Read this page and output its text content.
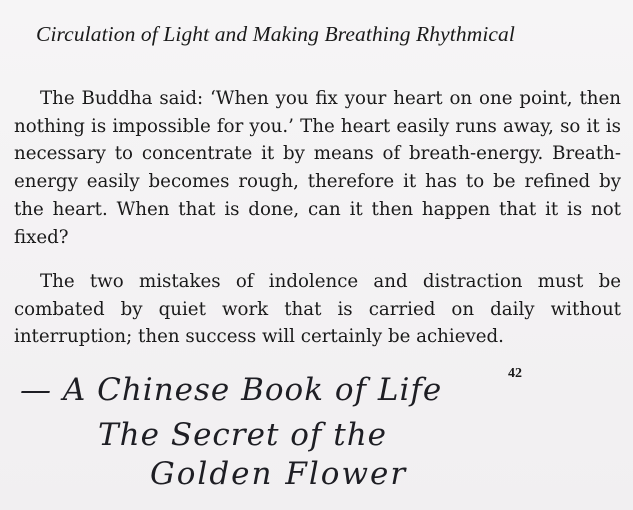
Circulation of Light and Making Breathing Rhythmical

The Buddha said: ‘When you fix your heart on one point, then nothing is impossible for you.’ The heart easily runs away, so it is necessary to concentrate it by means of breath-energy. Breath-energy easily becomes rough, therefore it has to be refined by the heart. When that is done, can it then happen that it is not fixed?

The two mistakes of indolence and distraction must be combated by quiet work that is carried on daily without interruption; then success will certainly be achieved.

42
— A Chinese Book of Life
The Secret of the
Golden Flower
